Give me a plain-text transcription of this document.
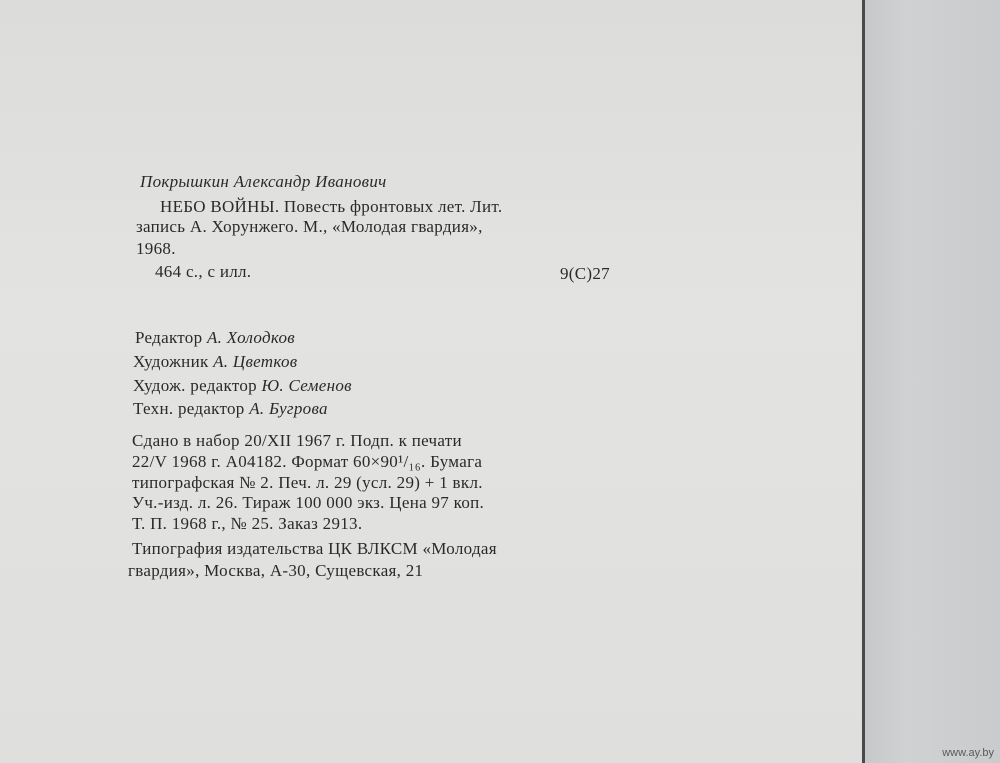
Покрышкин Александр Иванович
НЕБО ВОЙНЫ. Повесть фронтовых лет. Лит.
запись А. Хорунжего. М., «Молодая гвардия»,
1968.
464 с., с илл.	9(С)27
Редактор А. Холодков
Художник А. Цветков
Худож. редактор Ю. Семенов
Техн. редактор А. Бугрова
Сдано в набор 20/XII 1967 г. Подп. к печати
22/V 1968 г. А04182. Формат 60×90¹/₁₆. Бумага
типографская № 2. Печ. л. 29 (усл. 29) + 1 вкл.
Уч.-изд. л. 26. Тираж 100 000 экз. Цена 97 коп.
Т. П. 1968 г., № 25. Заказ 2913.
Типография издательства ЦК ВЛКСМ «Молодая
гвардия», Москва, А-30, Сущевская, 21
www.ay.by
